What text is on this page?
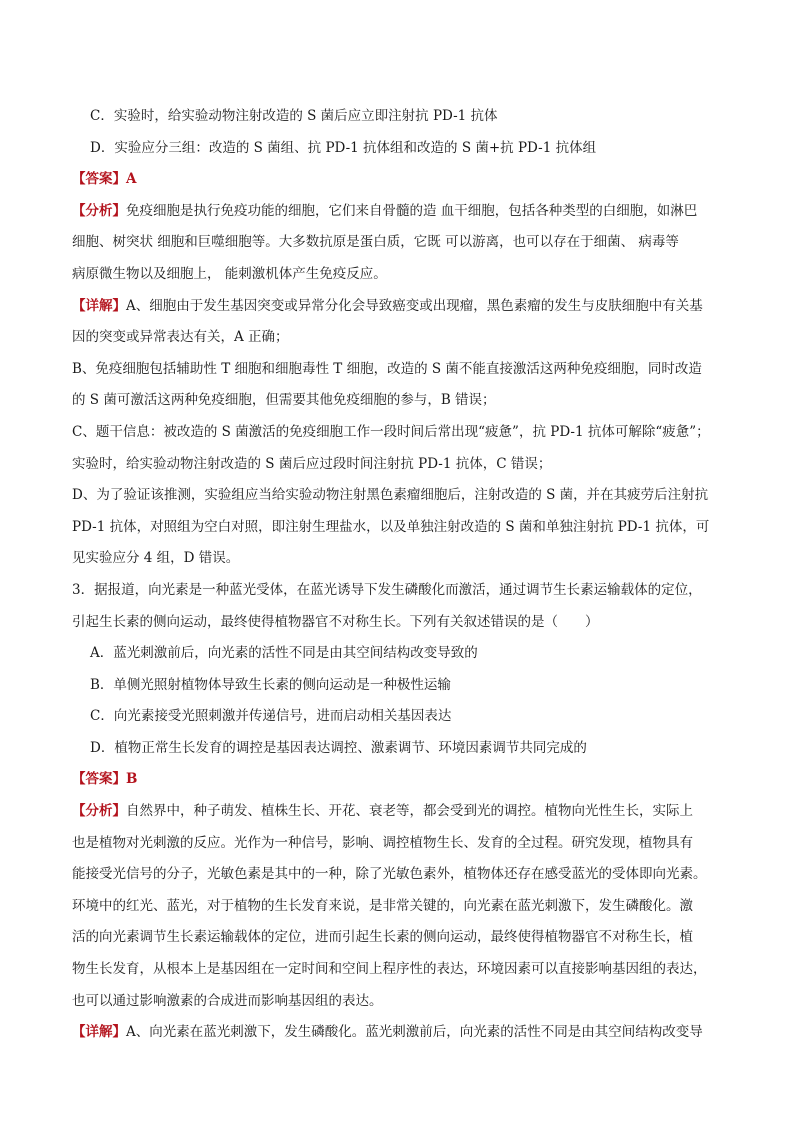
C．实验时，给实验动物注射改造的 S 菌后应立即注射抗 PD-1 抗体
D．实验应分三组：改造的 S 菌组、抗 PD-1 抗体组和改造的 S 菌+抗 PD-1 抗体组
【答案】A
【分析】免疫细胞是执行免疫功能的细胞，它们来自骨髓的造 血干细胞，包括各种类型的白细胞，如淋巴
细胞、树突状 细胞和巨噬细胞等。大多数抗原是蛋白质，它既 可以游离，也可以存在于细菌、 病毒等
病原微生物以及细胞上， 能刺激机体产生免疫反应。
【详解】A、细胞由于发生基因突变或异常分化会导致癌变或出现瘤，黑色素瘤的发生与皮肤细胞中有关基
因的突变或异常表达有关，A 正确；
B、免疫细胞包括辅助性 T 细胞和细胞毒性 T 细胞，改造的 S 菌不能直接激活这两种免疫细胞，同时改造
的 S 菌可激活这两种免疫细胞，但需要其他免疫细胞的参与，B 错误；
C、题干信息：被改造的 S 菌激活的免疫细胞工作一段时间后常出现“疲惫”，抗 PD-1 抗体可解除“疲惫”；
实验时，给实验动物注射改造的 S 菌后应过段时间注射抗 PD-1 抗体，C 错误；
D、为了验证该推测，实验组应当给实验动物注射黑色素瘤细胞后，注射改造的 S 菌，并在其疲劳后注射抗
PD-1 抗体，对照组为空白对照，即注射生理盐水，以及单独注射改造的 S 菌和单独注射抗 PD-1 抗体，可
见实验应分 4 组，D 错误。
3．据报道，向光素是一种蓝光受体，在蓝光诱导下发生磷酸化而激活，通过调节生长素运输载体的定位，
引起生长素的侧向运动，最终使得植物器官不对称生长。下列有关叙述错误的是（　　）
A．蓝光刺激前后，向光素的活性不同是由其空间结构改变导致的
B．单侧光照射植物体导致生长素的侧向运动是一种极性运输
C．向光素接受光照刺激并传递信号，进而启动相关基因表达
D．植物正常生长发育的调控是基因表达调控、激素调节、环境因素调节共同完成的
【答案】B
【分析】自然界中，种子萌发、植株生长、开花、衰老等，都会受到光的调控。植物向光性生长，实际上
也是植物对光刺激的反应。光作为一种信号，影响、调控植物生长、发育的全过程。研究发现，植物具有
能接受光信号的分子，光敏色素是其中的一种，除了光敏色素外，植物体还存在感受蓝光的受体即向光素。
环境中的红光、蓝光，对于植物的生长发育来说，是非常关键的，向光素在蓝光刺激下，发生磷酸化。激
活的向光素调节生长素运输载体的定位，进而引起生长素的侧向运动，最终使得植物器官不对称生长，植
物生长发育，从根本上是基因组在一定时间和空间上程序性的表达，环境因素可以直接影响基因组的表达，
也可以通过影响激素的合成进而影响基因组的表达。
【详解】A、向光素在蓝光刺激下，发生磷酸化。蓝光刺激前后，向光素的活性不同是由其空间结构改变导
